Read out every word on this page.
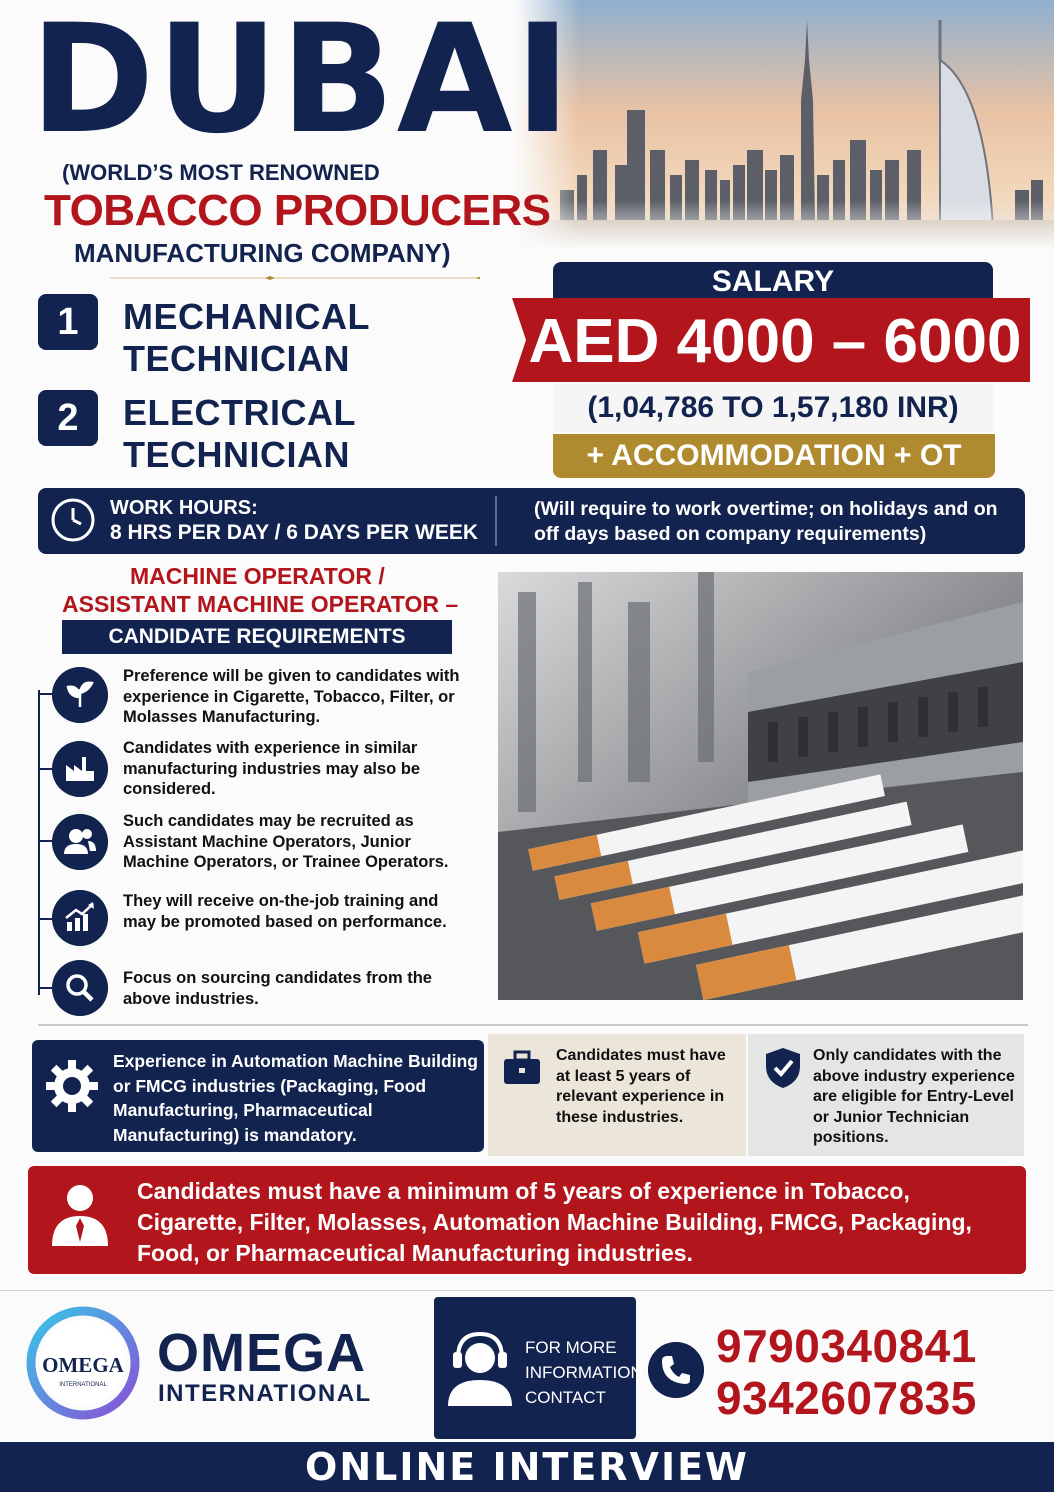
DUBAI
(WORLD’S MOST RENOWNED
TOBACCO PRODUCERS
MANUFACTURING COMPANY)
1	MECHANICAL
TECHNICIAN
2	ELECTRICAL
TECHNICIAN
SALARY
AED 4000 – 6000
(1,04,786 TO 1,57,180 INR)
+ ACCOMMODATION + OT
WORK HOURS:
8 HRS PER DAY / 6 DAYS PER WEEK
(Will require to work overtime; on holidays and on off days based on company requirements)
MACHINE OPERATOR /
ASSISTANT MACHINE OPERATOR –
CANDIDATE REQUIREMENTS
Preference will be given to candidates with experience in Cigarette, Tobacco, Filter, or Molasses Manufacturing.
Candidates with experience in similar manufacturing industries may also be considered.
Such candidates may be recruited as Assistant Machine Operators, Junior Machine Operators, or Trainee Operators.
They will receive on-the-job training and may be promoted based on performance.
Focus on sourcing candidates from the above industries.
Experience in Automation Machine Building or FMCG industries (Packaging, Food Manufacturing, Pharmaceutical Manufacturing) is mandatory.
Candidates must have at least 5 years of relevant experience in these industries.
Only candidates with the above industry experience are eligible for Entry-Level or Junior Technician positions.
Candidates must have a minimum of 5 years of experience in Tobacco, Cigarette, Filter, Molasses, Automation Machine Building, FMCG, Packaging, Food, or Pharmaceutical Manufacturing industries.
OMEGA
INTERNATIONAL
OMEGA
INTERNATIONAL
FOR MORE INFORMATION CONTACT
9790340841
9342607835
ONLINE INTERVIEW
